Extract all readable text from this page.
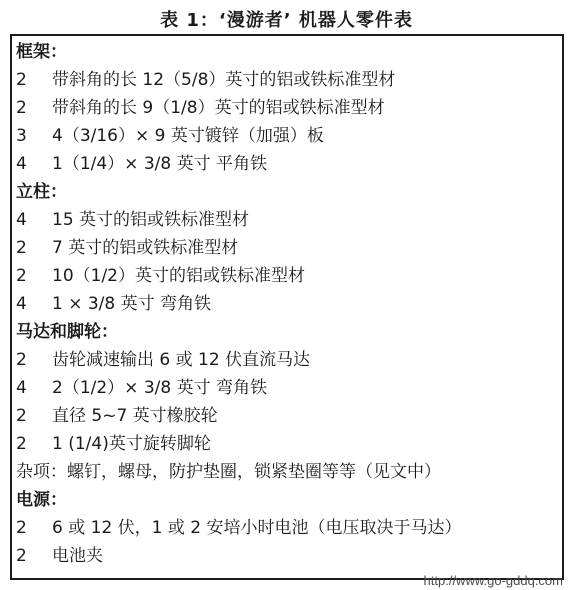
表 1：‘漫游者’ 机器人零件表
框架：
2 带斜角的长 12（5/8）英寸的铝或铁标准型材
2 带斜角的长 9（1/8）英寸的铝或铁标准型材
3 4（3/16）× 9 英寸镀锌（加强）板
4 1（1/4）× 3/8 英寸 平角铁
立柱：
4 15 英寸的铝或铁标准型材
2 7 英寸的铝或铁标准型材
2 10（1/2）英寸的铝或铁标准型材
4 1 × 3/8 英寸 弯角铁
马达和脚轮：
2 齿轮减速输出 6 或 12 伏直流马达
4 2（1/2）× 3/8 英寸 弯角铁
2 直径 5~7 英寸橡胶轮
2 1 (1/4)英寸旋转脚轮
杂项：螺钉，螺母，防护垫圈，锁紧垫圈等等（见文中）
电源：
2 6 或 12 伏，1 或 2 安培小时电池（电压取决于马达）
2 电池夹
http://www.go-gddq.com
